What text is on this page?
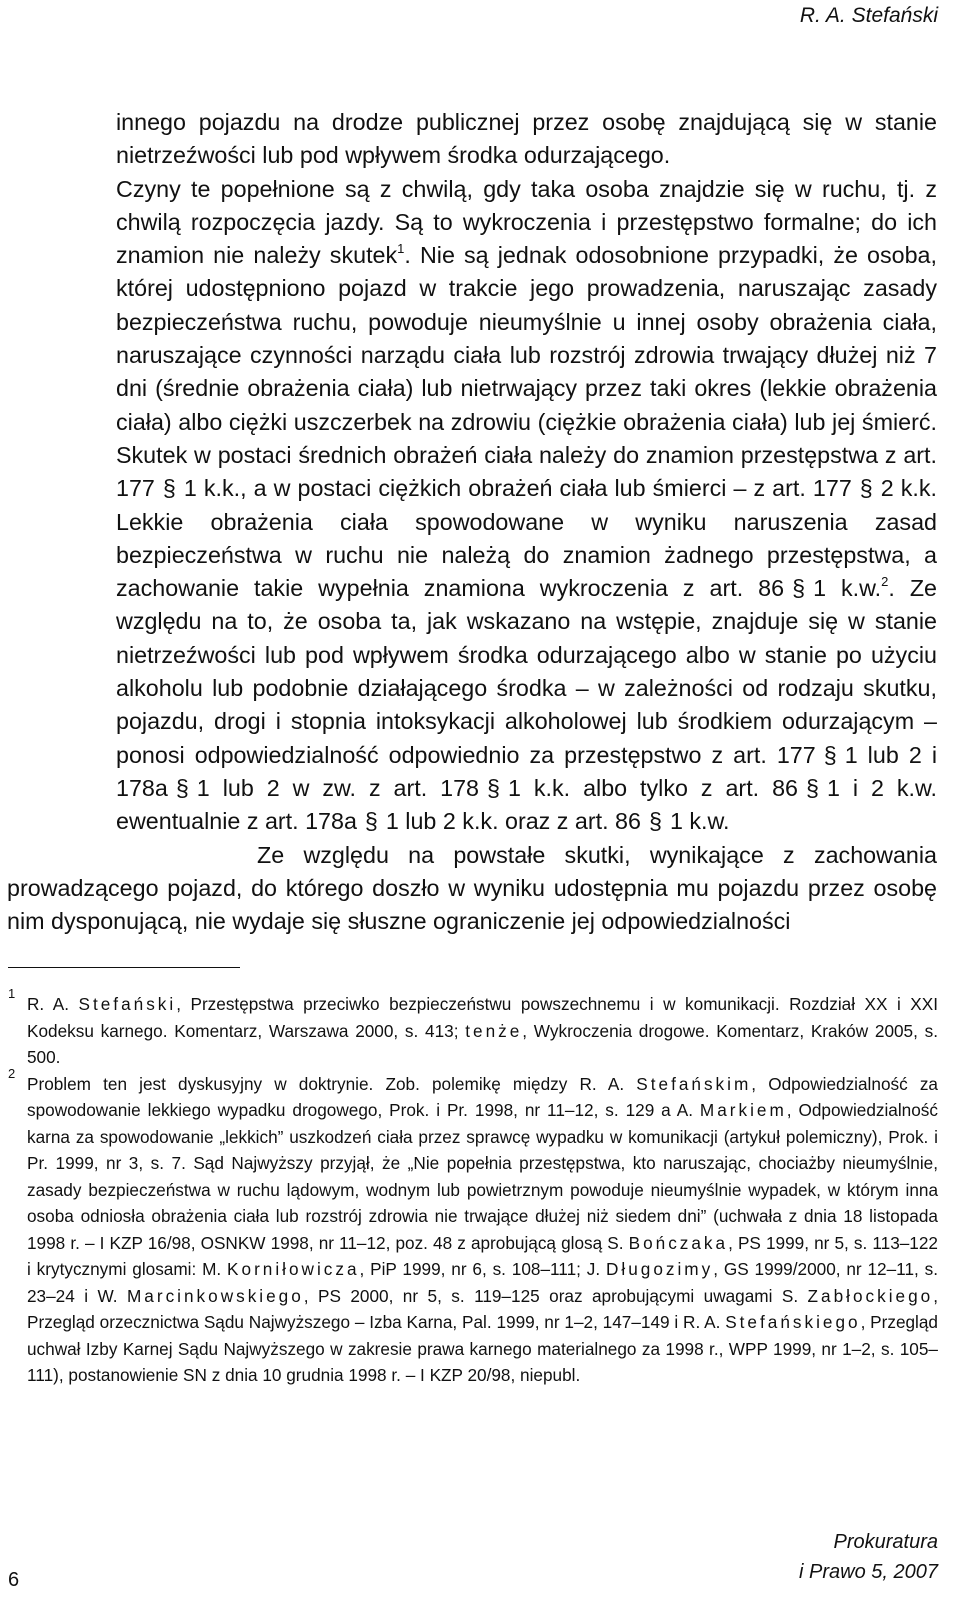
R. A. Stefański

innego pojazdu na drodze publicznej przez osobę znajdującą się w stanie nietrzeźwości lub pod wpływem środka odurzającego.

Czyny te popełnione są z chwilą, gdy taka osoba znajdzie się w ruchu, tj. z chwilą rozpoczęcia jazdy. Są to wykroczenia i przestępstwo formalne; do ich znamion nie należy skutek$^1$. Nie są jednak odosobnione przypadki, że osoba, której udostępniono pojazd w trakcie jego prowadzenia, naruszając zasady bezpieczeństwa ruchu, powoduje nieumyślnie u innej osoby obrażenia ciała, naruszające czynności narządu ciała lub rozstrój zdrowia trwający dłużej niż 7 dni (średnie obrażenia ciała) lub nietrwający przez taki okres (lekkie obrażenia ciała) albo ciężki uszczerbek na zdrowiu (ciężkie obrażenia ciała) lub jej śmierć. Skutek w postaci średnich obrażeń ciała należy do znamion przestępstwa z art. 177 § 1 k.k., a w postaci ciężkich obrażeń ciała lub śmierci – z art. 177 § 2 k.k. Lekkie obrażenia ciała spowodowane w wyniku naruszenia zasad bezpieczeństwa w ruchu nie należą do znamion żadnego przestępstwa, a zachowanie takie wypełnia znamiona wykroczenia z art. 86 § 1 k.w.$^2$. Ze względu na to, że osoba ta, jak wskazano na wstępie, znajduje się w stanie nietrzeźwości lub pod wpływem środka odurzającego albo w stanie po użyciu alkoholu lub podobnie działającego środka – w zależności od rodzaju skutku, pojazdu, drogi i stopnia intoksykacji alkoholowej lub środkiem odurzającym – ponosi odpowiedzialność odpowiednio za przestępstwo z art. 177 § 1 lub 2 i 178a § 1 lub 2 w zw. z art. 178 § 1 k.k. albo tylko z art. 86 § 1 i 2 k.w. ewentualnie z art. 178a § 1 lub 2 k.k. oraz z art. 86 § 1 k.w.

Ze względu na powstałe skutki, wynikające z zachowania prowadzącego pojazd, do którego doszło w wyniku udostępnia mu pojazdu przez osobę nim dysponującą, nie wydaje się słuszne ograniczenie jej odpowiedzialności

1
R. A. Stefański, Przestępstwa przeciwko bezpieczeństwu powszechnemu i w komunikacji. Rozdział XX i XXI Kodeksu karnego. Komentarz, Warszawa 2000, s. 413; tenże, Wykroczenia drogowe. Komentarz, Kraków 2005, s. 500.
2
Problem ten jest dyskusyjny w doktrynie. Zob. polemikę między R. A. Stefańskim, Odpowiedzialność za spowodowanie lekkiego wypadku drogowego, Prok. i Pr. 1998, nr 11–12, s. 129 a A. Markiem, Odpowiedzialność karna za spowodowanie „lekkich” uszkodzeń ciała przez sprawcę wypadku w komunikacji (artykuł polemiczny), Prok. i Pr. 1999, nr 3, s. 7. Sąd Najwyższy przyjął, że „Nie popełnia przestępstwa, kto naruszając, chociażby nieumyślnie, zasady bezpieczeństwa w ruchu lądowym, wodnym lub powietrznym powoduje nieumyślnie wypadek, w którym inna osoba odniosła obrażenia ciała lub rozstrój zdrowia nie trwające dłużej niż siedem dni” (uchwała z dnia 18 listopada 1998 r. – I KZP 16/98, OSNKW 1998, nr 11–12, poz. 48 z aprobującą glosą S. Bończaka, PS 1999, nr 5, s. 113–122 i krytycznymi glosami: M. Korniłowicza, PiP 1999, nr 6, s. 108–111; J. Długozimy, GS 1999/2000, nr 12–11, s. 23–24 i W. Marcinkowskiego, PS 2000, nr 5, s. 119–125 oraz aprobującymi uwagami S. Zabłockiego, Przegląd orzecznictwa Sądu Najwyższego – Izba Karna, Pal. 1999, nr 1–2, 147–149 i R. A. Stefańskiego, Przegląd uchwał Izby Karnej Sądu Najwyższego w zakresie prawa karnego materialnego za 1998 r., WPP 1999, nr 1–2, s. 105–111), postanowienie SN z dnia 10 grudnia 1998 r. – I KZP 20/98, niepubl.
6
Prokuratura
i Prawo 5, 2007
